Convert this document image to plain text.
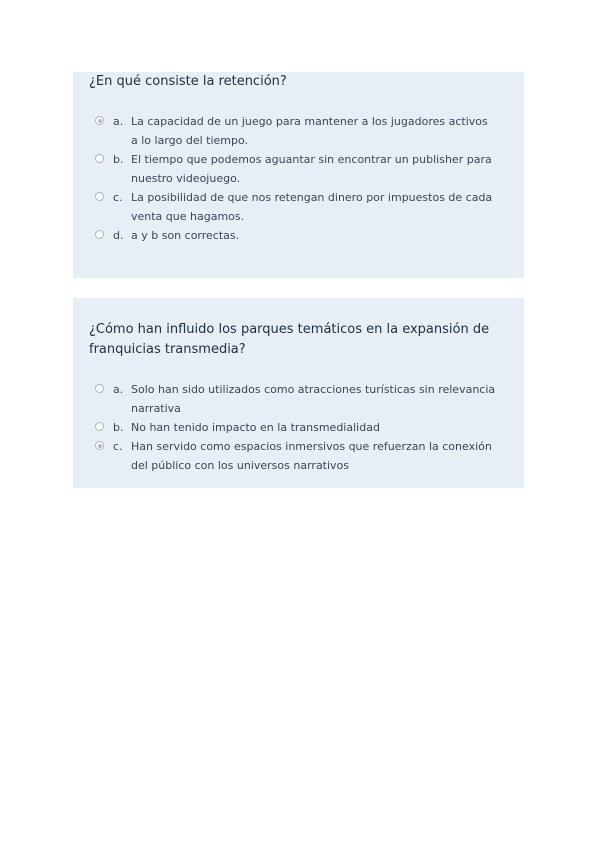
¿En qué consiste la retención?
a. La capacidad de un juego para mantener a los jugadores activos a lo largo del tiempo.
b. El tiempo que podemos aguantar sin encontrar un publisher para nuestro videojuego.
c. La posibilidad de que nos retengan dinero por impuestos de cada venta que hagamos.
d. a y b son correctas.
¿Cómo han influido los parques temáticos en la expansión de franquicias transmedia?
a. Solo han sido utilizados como atracciones turísticas sin relevancia narrativa
b. No han tenido impacto en la transmedialidad
c. Han servido como espacios inmersivos que refuerzan la conexión del público con los universos narrativos
